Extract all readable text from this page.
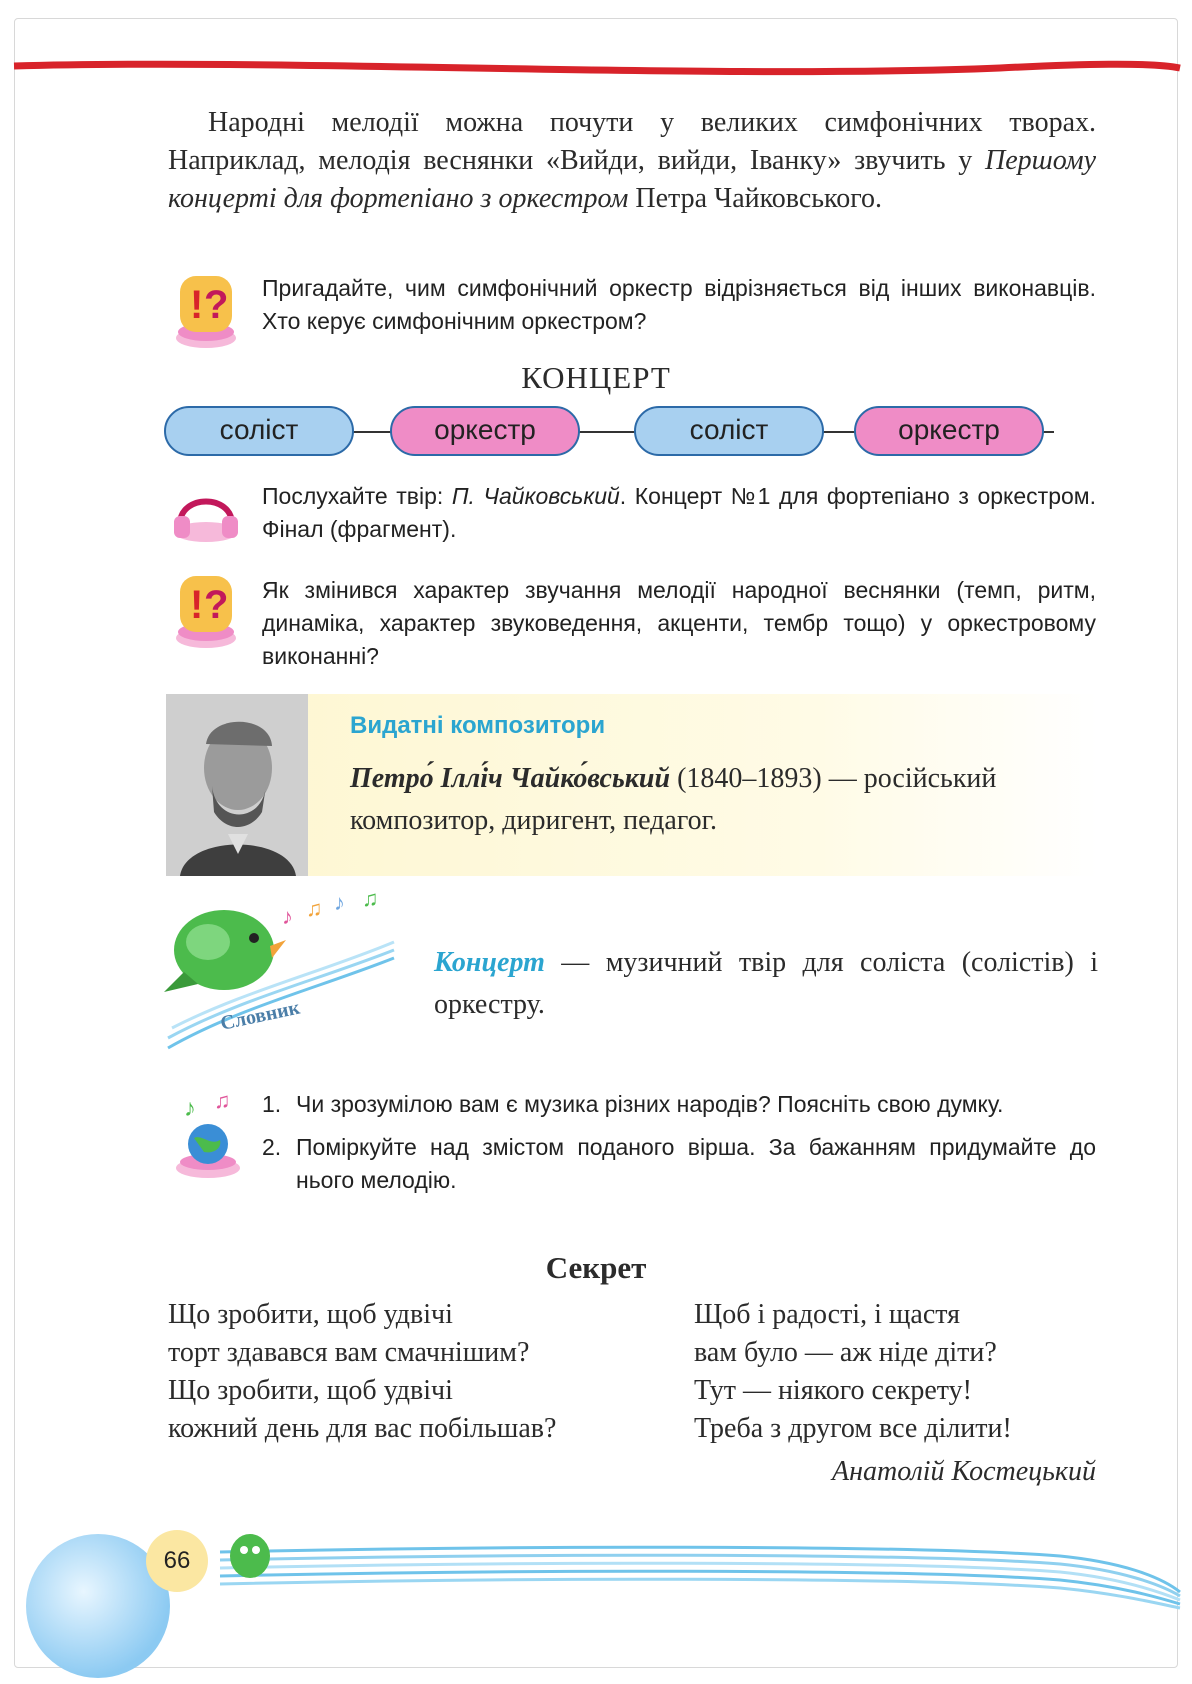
Народні мелодії можна почути у великих симфонічних творах. Наприклад, мелодія веснянки «Вийди, вийди, Іванку» звучить у Першому концерті для фортепіано з оркестром Петра Чайковського.

! ? Пригадайте, чим симфонічний оркестр відрізняється від інших виконавців. Хто керує симфонічним оркестром?
КОНЦЕРТ
соліст	оркестр	соліст	оркестр
Послухайте твір: П. Чайковський. Концерт №1 для фортепіано з оркестром. Фінал (фрагмент).
! ? Як змінився характер звучання мелодії народної веснянки (темп, ритм, динаміка, характер звуковедення, акценти, тембр тощо) у оркестровому виконанні?
Видатні композитори
Петро́ Іллі́ч Чайко́вський (1840–1893) — російський композитор, диригент, педагог.
♪ ♫ ♪ ♫
Словник
Концерт — музичний твір для соліста (солістів) і оркестру.
♪ ♫ 1. Чи зрозумілою вам є музика різних народів? Поясніть свою думку.
2. Поміркуйте над змістом поданого вірша. За бажанням придумайте до нього мелодію.
Секрет
Що зробити, щоб удвічі
торт здавався вам смачнішим?
Що зробити, щоб удвічі
кожний день для вас побільшав?
Щоб і радості, і щастя
вам було — аж ніде діти?
Тут — ніякого секрету!
Треба з другом все ділити!
Анатолій Костецький
66
